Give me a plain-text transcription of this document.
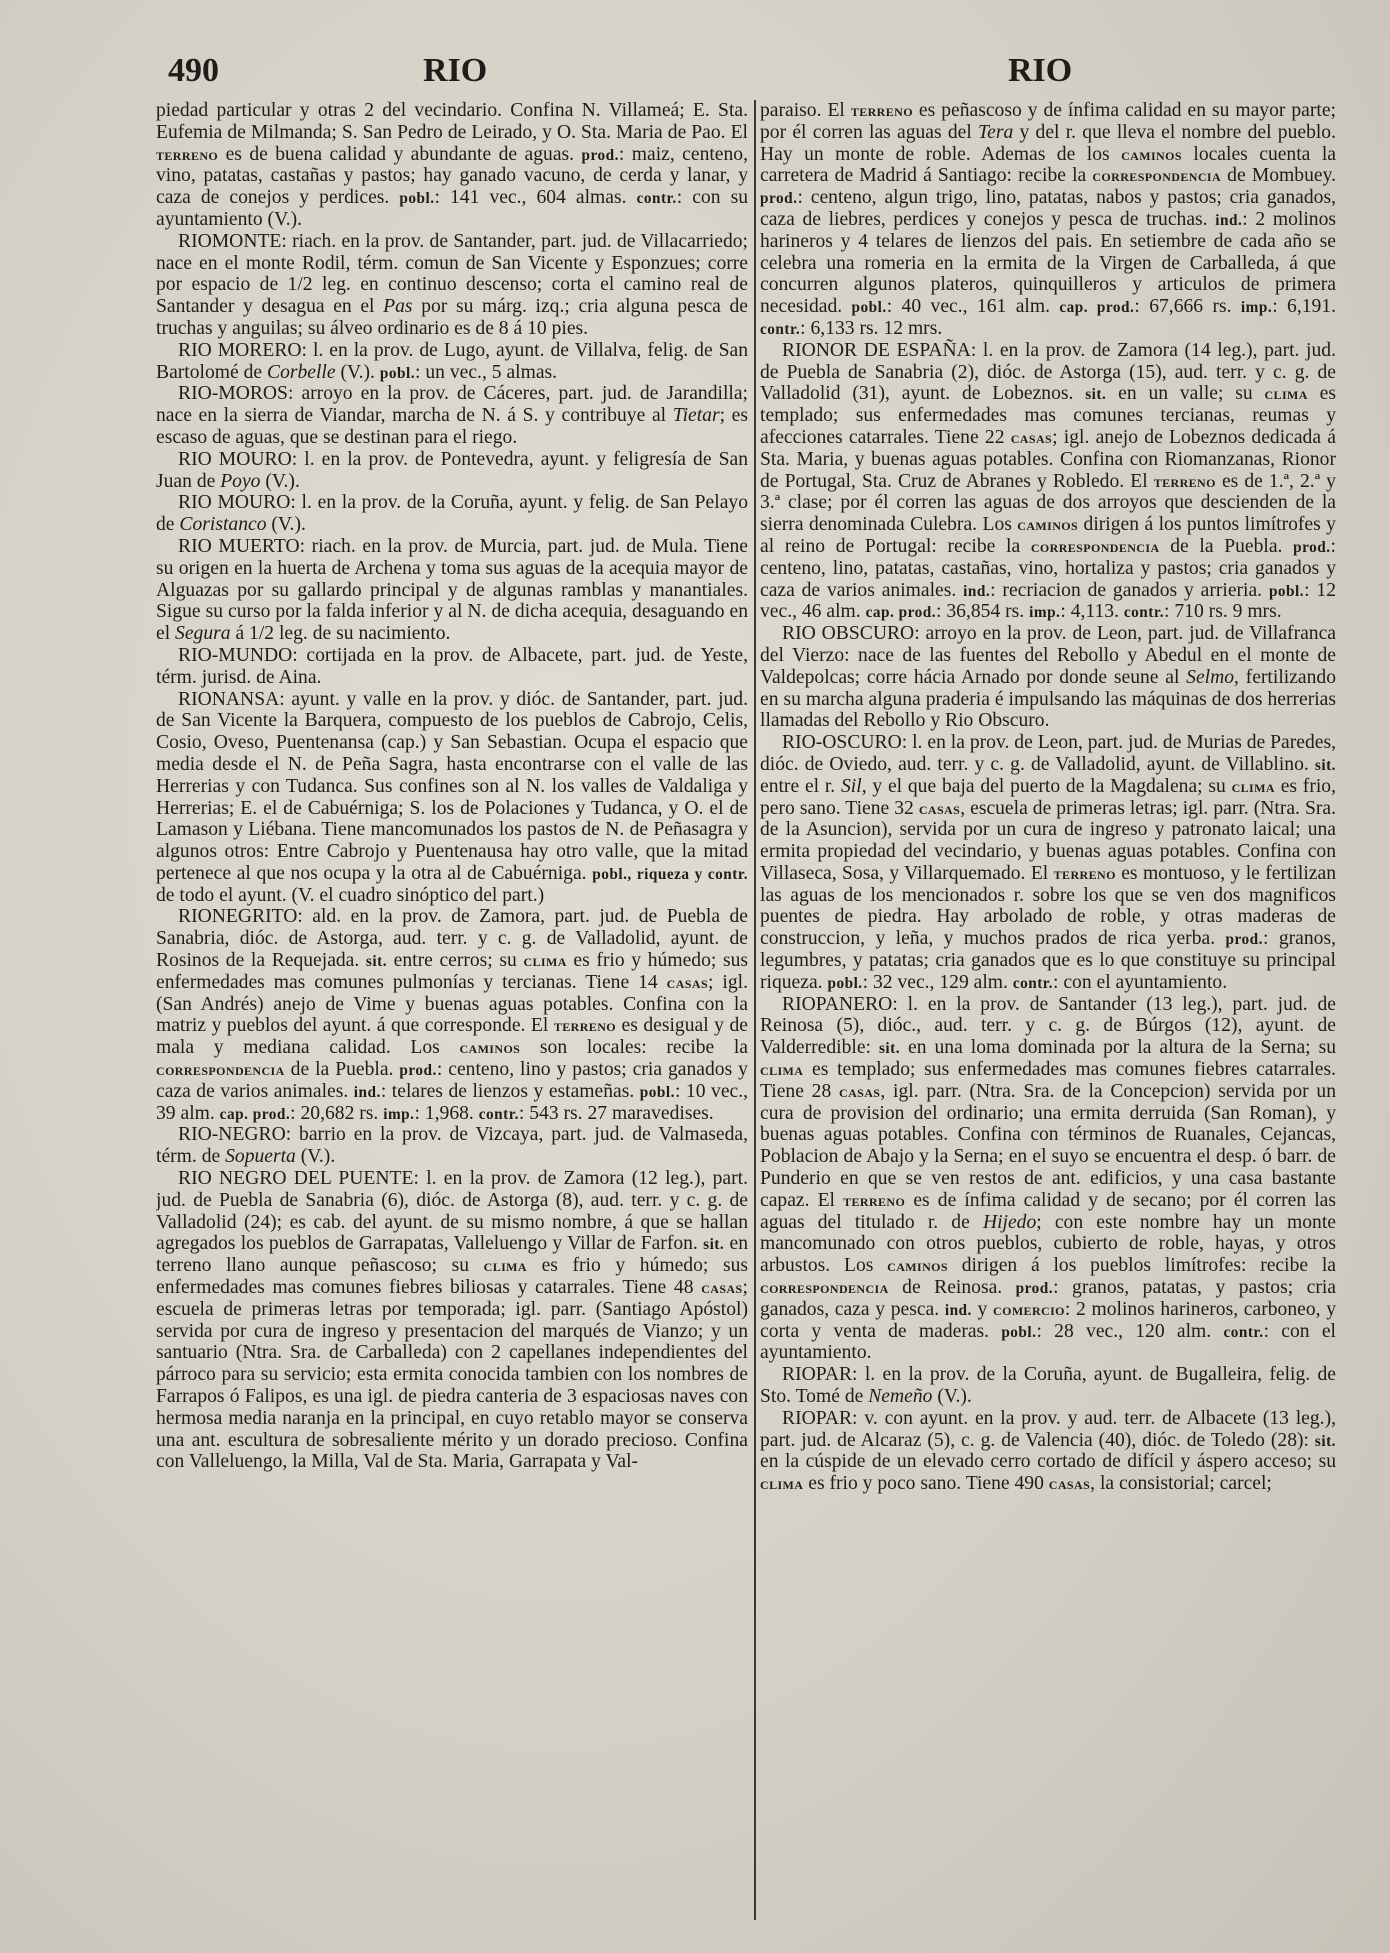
490	RIO	RIO

piedad particular y otras 2 del vecindario. Confina N. Villameá; E. Sta. Eufemia de Milmanda; S. San Pedro de Leirado, y O. Sta. Maria de Pao. El terreno es de buena calidad y abundante de aguas. prod.: maiz, centeno, vino, patatas, castañas y pastos; hay ganado vacuno, de cerda y lanar, y caza de conejos y perdices. pobl.: 141 vec., 604 almas. contr.: con su ayuntamiento (V.).

RIOMONTE: riach. en la prov. de Santander, part. jud. de Villacarriedo; nace en el monte Rodil, térm. comun de San Vicente y Esponzues; corre por espacio de 1/2 leg. en continuo descenso; corta el camino real de Santander y desagua en el Pas por su márg. izq.; cria alguna pesca de truchas y anguilas; su álveo ordinario es de 8 á 10 pies.

RIO MORERO: l. en la prov. de Lugo, ayunt. de Villalva, felig. de San Bartolomé de Corbelle (V.). pobl.: un vec., 5 almas.

RIO-MOROS: arroyo en la prov. de Cáceres, part. jud. de Jarandilla; nace en la sierra de Viandar, marcha de N. á S. y contribuye al Tietar; es escaso de aguas, que se destinan para el riego.

RIO MOURO: l. en la prov. de Pontevedra, ayunt. y feligresía de San Juan de Poyo (V.).

RIO MOURO: l. en la prov. de la Coruña, ayunt. y felig. de San Pelayo de Coristanco (V.).

RIO MUERTO: riach. en la prov. de Murcia, part. jud. de Mula. Tiene su origen en la huerta de Archena y toma sus aguas de la acequia mayor de Alguazas por su gallardo principal y de algunas ramblas y manantiales. Sigue su curso por la falda inferior y al N. de dicha acequia, desaguando en el Segura á 1/2 leg. de su nacimiento.

RIO-MUNDO: cortijada en la prov. de Albacete, part. jud. de Yeste, térm. jurisd. de Aina.

RIONANSA: ayunt. y valle en la prov. y dióc. de Santander, part. jud. de San Vicente la Barquera, compuesto de los pueblos de Cabrojo, Celis, Cosio, Oveso, Puentenansa (cap.) y San Sebastian. Ocupa el espacio que media desde el N. de Peña Sagra, hasta encontrarse con el valle de las Herrerias y con Tudanca. Sus confines son al N. los valles de Valdaliga y Herrerias; E. el de Cabuérniga; S. los de Polaciones y Tudanca, y O. el de Lamason y Liébana. Tiene mancomunados los pastos de N. de Peñasagra y algunos otros: Entre Cabrojo y Puentenausa hay otro valle, que la mitad pertenece al que nos ocupa y la otra al de Cabuérniga. pobl., riqueza y contr. de todo el ayunt. (V. el cuadro sinóptico del part.)

RIONEGRITO: ald. en la prov. de Zamora, part. jud. de Puebla de Sanabria, dióc. de Astorga, aud. terr. y c. g. de Valladolid, ayunt. de Rosinos de la Requejada. sit. entre cerros; su clima es frio y húmedo; sus enfermedades mas comunes pulmonías y tercianas. Tiene 14 casas; igl. (San Andrés) anejo de Vime y buenas aguas potables. Confina con la matriz y pueblos del ayunt. á que corresponde. El terreno es desigual y de mala y mediana calidad. Los caminos son locales: recibe la correspondencia de la Puebla. prod.: centeno, lino y pastos; cria ganados y caza de varios animales. ind.: telares de lienzos y estameñas. pobl.: 10 vec., 39 alm. cap. prod.: 20,682 rs. imp.: 1,968. contr.: 543 rs. 27 maravedises.

RIO-NEGRO: barrio en la prov. de Vizcaya, part. jud. de Valmaseda, térm. de Sopuerta (V.).

RIO NEGRO DEL PUENTE: l. en la prov. de Zamora (12 leg.), part. jud. de Puebla de Sanabria (6), dióc. de Astorga (8), aud. terr. y c. g. de Valladolid (24); es cab. del ayunt. de su mismo nombre, á que se hallan agregados los pueblos de Garrapatas, Valleluengo y Villar de Farfon. sit. en terreno llano aunque peñascoso; su clima es frio y húmedo; sus enfermedades mas comunes fiebres biliosas y catarrales. Tiene 48 casas; escuela de primeras letras por temporada; igl. parr. (Santiago Apóstol) servida por cura de ingreso y presentacion del marqués de Vianzo; y un santuario (Ntra. Sra. de Carballeda) con 2 capellanes independientes del párroco para su servicio; esta ermita conocida tambien con los nombres de Farrapos ó Falipos, es una igl. de piedra canteria de 3 espaciosas naves con hermosa media naranja en la principal, en cuyo retablo mayor se conserva una ant. escultura de sobresaliente mérito y un dorado precioso. Confina con Valleluengo, la Milla, Val de Sta. Maria, Garrapata y Val-

paraiso. El terreno es peñascoso y de ínfima calidad en su mayor parte; por él corren las aguas del Tera y del r. que lleva el nombre del pueblo. Hay un monte de roble. Ademas de los caminos locales cuenta la carretera de Madrid á Santiago: recibe la correspondencia de Mombuey. prod.: centeno, algun trigo, lino, patatas, nabos y pastos; cria ganados, caza de liebres, perdices y conejos y pesca de truchas. ind.: 2 molinos harineros y 4 telares de lienzos del pais. En setiembre de cada año se celebra una romeria en la ermita de la Virgen de Carballeda, á que concurren algunos plateros, quinquilleros y articulos de primera necesidad. pobl.: 40 vec., 161 alm. cap. prod.: 67,666 rs. imp.: 6,191. contr.: 6,133 rs. 12 mrs.

RIONOR DE ESPAÑA: l. en la prov. de Zamora (14 leg.), part. jud. de Puebla de Sanabria (2), dióc. de Astorga (15), aud. terr. y c. g. de Valladolid (31), ayunt. de Lobeznos. sit. en un valle; su clima es templado; sus enfermedades mas comunes tercianas, reumas y afecciones catarrales. Tiene 22 casas; igl. anejo de Lobeznos dedicada á Sta. Maria, y buenas aguas potables. Confina con Riomanzanas, Rionor de Portugal, Sta. Cruz de Abranes y Robledo. El terreno es de 1.ª, 2.ª y 3.ª clase; por él corren las aguas de dos arroyos que descienden de la sierra denominada Culebra. Los caminos dirigen á los puntos limítrofes y al reino de Portugal: recibe la correspondencia de la Puebla. prod.: centeno, lino, patatas, castañas, vino, hortaliza y pastos; cria ganados y caza de varios animales. ind.: recriacion de ganados y arrieria. pobl.: 12 vec., 46 alm. cap. prod.: 36,854 rs. imp.: 4,113. contr.: 710 rs. 9 mrs.

RIO OBSCURO: arroyo en la prov. de Leon, part. jud. de Villafranca del Vierzo: nace de las fuentes del Rebollo y Abedul en el monte de Valdepolcas; corre hácia Arnado por donde seune al Selmo, fertilizando en su marcha alguna praderia é impulsando las máquinas de dos herrerias llamadas del Rebollo y Rio Obscuro.

RIO-OSCURO: l. en la prov. de Leon, part. jud. de Murias de Paredes, dióc. de Oviedo, aud. terr. y c. g. de Valladolid, ayunt. de Villablino. sit. entre el r. Sil, y el que baja del puerto de la Magdalena; su clima es frio, pero sano. Tiene 32 casas, escuela de primeras letras; igl. parr. (Ntra. Sra. de la Asuncion), servida por un cura de ingreso y patronato laical; una ermita propiedad del vecindario, y buenas aguas potables. Confina con Villaseca, Sosa, y Villarquemado. El terreno es montuoso, y le fertilizan las aguas de los mencionados r. sobre los que se ven dos magnificos puentes de piedra. Hay arbolado de roble, y otras maderas de construccion, y leña, y muchos prados de rica yerba. prod.: granos, legumbres, y patatas; cria ganados que es lo que constituye su principal riqueza. pobl.: 32 vec., 129 alm. contr.: con el ayuntamiento.

RIOPANERO: l. en la prov. de Santander (13 leg.), part. jud. de Reinosa (5), dióc., aud. terr. y c. g. de Búrgos (12), ayunt. de Valderredible: sit. en una loma dominada por la altura de la Serna; su clima es templado; sus enfermedades mas comunes fiebres catarrales. Tiene 28 casas, igl. parr. (Ntra. Sra. de la Concepcion) servida por un cura de provision del ordinario; una ermita derruida (San Roman), y buenas aguas potables. Confina con términos de Ruanales, Cejancas, Poblacion de Abajo y la Serna; en el suyo se encuentra el desp. ó barr. de Punderio en que se ven restos de ant. edificios, y una casa bastante capaz. El terreno es de ínfima calidad y de secano; por él corren las aguas del titulado r. de Hijedo; con este nombre hay un monte mancomunado con otros pueblos, cubierto de roble, hayas, y otros arbustos. Los caminos dirigen á los pueblos limítrofes: recibe la correspondencia de Reinosa. prod.: granos, patatas, y pastos; cria ganados, caza y pesca. ind. y comercio: 2 molinos harineros, carboneo, y corta y venta de maderas. pobl.: 28 vec., 120 alm. contr.: con el ayuntamiento.

RIOPAR: l. en la prov. de la Coruña, ayunt. de Bugalleira, felig. de Sto. Tomé de Nemeño (V.).

RIOPAR: v. con ayunt. en la prov. y aud. terr. de Albacete (13 leg.), part. jud. de Alcaraz (5), c. g. de Valencia (40), dióc. de Toledo (28): sit. en la cúspide de un elevado cerro cortado de difícil y áspero acceso; su clima es frio y poco sano. Tiene 490 casas, la consistorial; carcel;
